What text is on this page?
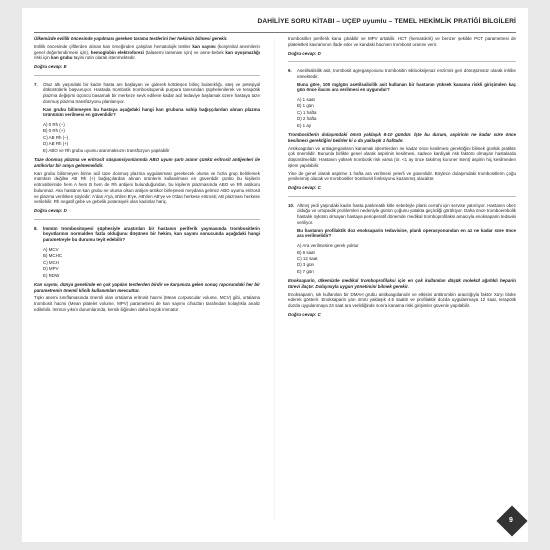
DAHİLİYE SORU KİTABI – UÇEP uyumlu – TEMEL HEKİMLİK PRATİĞİ BİLGİLERİ
Ülkemizde evlilik öncesinde yapılması gereken tarama testlerini her hekimin bilmesi gerekir.
Evlilik öncesinde çiftlerden alınan kan örneğinden çalışılan hematolojik testler kan sayımı (konjenital anemilerin genel değerlendirmesi için), hemoglobin elektroforezi (talasemi taraması için) ve anne-bebek kan uyuşmazlığı riski için kan grubu tayini rutin olarak istenmektedir.
Doğru cevap: E
7.	Otuz altı yaşındaki bir kadın hasta anı başlayan ve giderek kötüleşen bilinç bulanıklığı, ateş ve peteşiyal döküntülerle başvuruyor. Hastada trombotik trombositopenik purpura tanısından şüphelenilerek ve terapötik plazma değişimi üçüncü basamak bir merkeze sevk edilene kadar acil tedaviye başlamak üzere hastaya taze donmuş plazma transfüzyonu planlanıyor.
Kan grubu bilinmeyen bu hastaya aşağıdaki hangi kan grubuna sahip bağışçılardan alınan plazma ürününün verilmesi en güvenlidir?
A) 0 Rh (–)
B) 0 Rh (+)
C) AB Rh (–)
D) AB Rh (+)
E) ABO ve Rh grubu uyumu aranmaksızın transfüzyon yapılabilir
Taze donmuş plazma ve eritrosit süspansiyonlarında ABO uyum şartı aranır çünkü eritrosit antijenleri ile antikorlar bir araya gelmemelidir.
Kan grubu bilinmeyen birine acil taze donmuş plazma uygulanması gerekecek olursa ve hızla grup belirlemek mümkün değilse AB Rh (+) bağışçılardan alınan ürünlerin kullanılması en güvenlidir çünkü bu kişilerin eritrositlerinde hem A hem B hem de Rh antijeni bulunduğundan, bu kişilerin plazmasında ABO ve Rh antikoru bulunmaz. Ako hastanın kan grubu ne olursa olsun antijen-antikor birleşmesi meydana gelmez ABO uyumu eritrosit ve plazma verilirken şöyledir: A'dan A'ya, B'den B'ye, AB'den AB'ye ve 0'dan herkese eritrosit; AB plazması herkese verilebilir. Rh negatif gebe ve gebelik potansiyeli olan kadınlar hariç.
Doğru cevap: D
8.	İmmün trombositopeni şüphesiyle araştırılan bir hastanın periferik yaymasında trombositlerin boyutlarının normalden fazla olduğunu düşünen bir hekim, kan sayımı sonucunda aşağıdaki hangi parametreyle bu durumu teyit edebilir?
A) MCV
B) MCHC
C) MCH
D) MPV
E) RDW
Kan sayımı, dünya genelinde en çok yapılan testlerden birdir ve karşımıza gelen sonuç raporundaki her bir parametrenin önemli klinik kullanımları mevcuttur.
Tıpkı anemi sınıflamasında önemli olan ortalama eritrosit hacmi (Mean corpuscular volume, MCV) gibi, ortalama trombosit hacmi (Mean platelet volume, MPV) parametresi de kan sayımı cihazları tarafından kolaylıkla analiz edilebilir. İmmün yıkım durumlarında, kemik iliğinden daha büyük immatür
trombositler periferik kana çıkabilir ve MPV artabilir. HCT (hematokrit) ve benzer şekilde PCT parametresi de plateletkrit kavramının ifade eder ve kandaki hacmen trombosit oranını verir.
Doğru cevap: D
9.	Asetilsalisilik asit, trombosit agregasyonunu trombositin siklooksijenaz enzimini geri dönüşümsüz olarak inhibe etmektedir.
Buna göre, 100 mg/gün asetilsalisilik asit kullanan bir hastanın yüksek kanama riskli girişimden kaç gün önce ilacını ara verilmesi en uygundur?
A) 1 saat
B) 1 gün
C) 1 hafta
D) 2 hafta
E) 1 ay
Trombositlerin dolaşımdaki ömrü yaklaşık 8-10 gündür. İşte bu durum, aspirinin ne kadar süre önce kesilmesi gerektiğini belirler ki o da yaklaşık 1 haftadır.
Antikoagülan ve antiagreganların kanamalı işlemlerden ne kadar önce kesilmesi gerektiğini bilmek günlük pratikte çok önemlidir. Bununla birlikte genel olarak aspirinin kesilmesi, sadece kardiyak risk faktörü olmayan hastalarda düşünülmelidir. Hastanın yüksek trombotik risk varsa (ör. <1 ay önce takılmış koroner stent) aspirin hiç kesilmeden işlem yapılabilir.
Yine de genel olarak aspirine 1 hafta ara verilmesi yeterli ve güvenlidir. Böylece dolaşımdaki trombositlerin çoğu yenilenmiş olacak ve trombositler trombosit fonksiyonu kazanmış olacaktır.
Doğru cevap: C
10. Altmış yedi yaşındaki kadın hasta pankreatik kitle sebebiyle planlı cerrahi için servise yatırılıyor. Hastanın obez olduğu ve ortopedik problemleri nedeniyle günün çoğunu yatakta geçirdiği görülüyor. Daha önce tromboembolik hastalık öyküsü olmayan hastaya perioperatif dönemde medikal tromboprofilaksi amacıyla enoksaparin tedavisi veriliyor.
Bu hastanın profilaktik doz enoksaparin tedavisine, planlı operasyonundan en az ne kadar süre önce ara verilmelidir?
A) Ara verilmesine gerek yoktur
B) 6 saat
C) 12 saat
D) 3 gün
E) 7 gün
Enoksaparin, ülkemizde medikal tromboprofilaksi için en çok kullanılan düşük molekül ağırlıklı heparin türevi ilaçtır. Dolayısıyla uygun yönetimini bilmek gerekir.
Enoksaparin, sık kullanılan bir DMAH grubu antikoagülanıdır ve etkisini antitrombin aracılığıyla faktör Xa'yı bloke ederek gösterir. Enoksaparin yarı ömrü yaklaşık 4.5 saattir ve profilaktik dozda uygulanmaya 12 saat, terapötik dozda uygulanmaya 24 saat ara verildiğinde sonra kanama riski girişimler güvenle yapılabilir.
Doğru cevap: C
9
